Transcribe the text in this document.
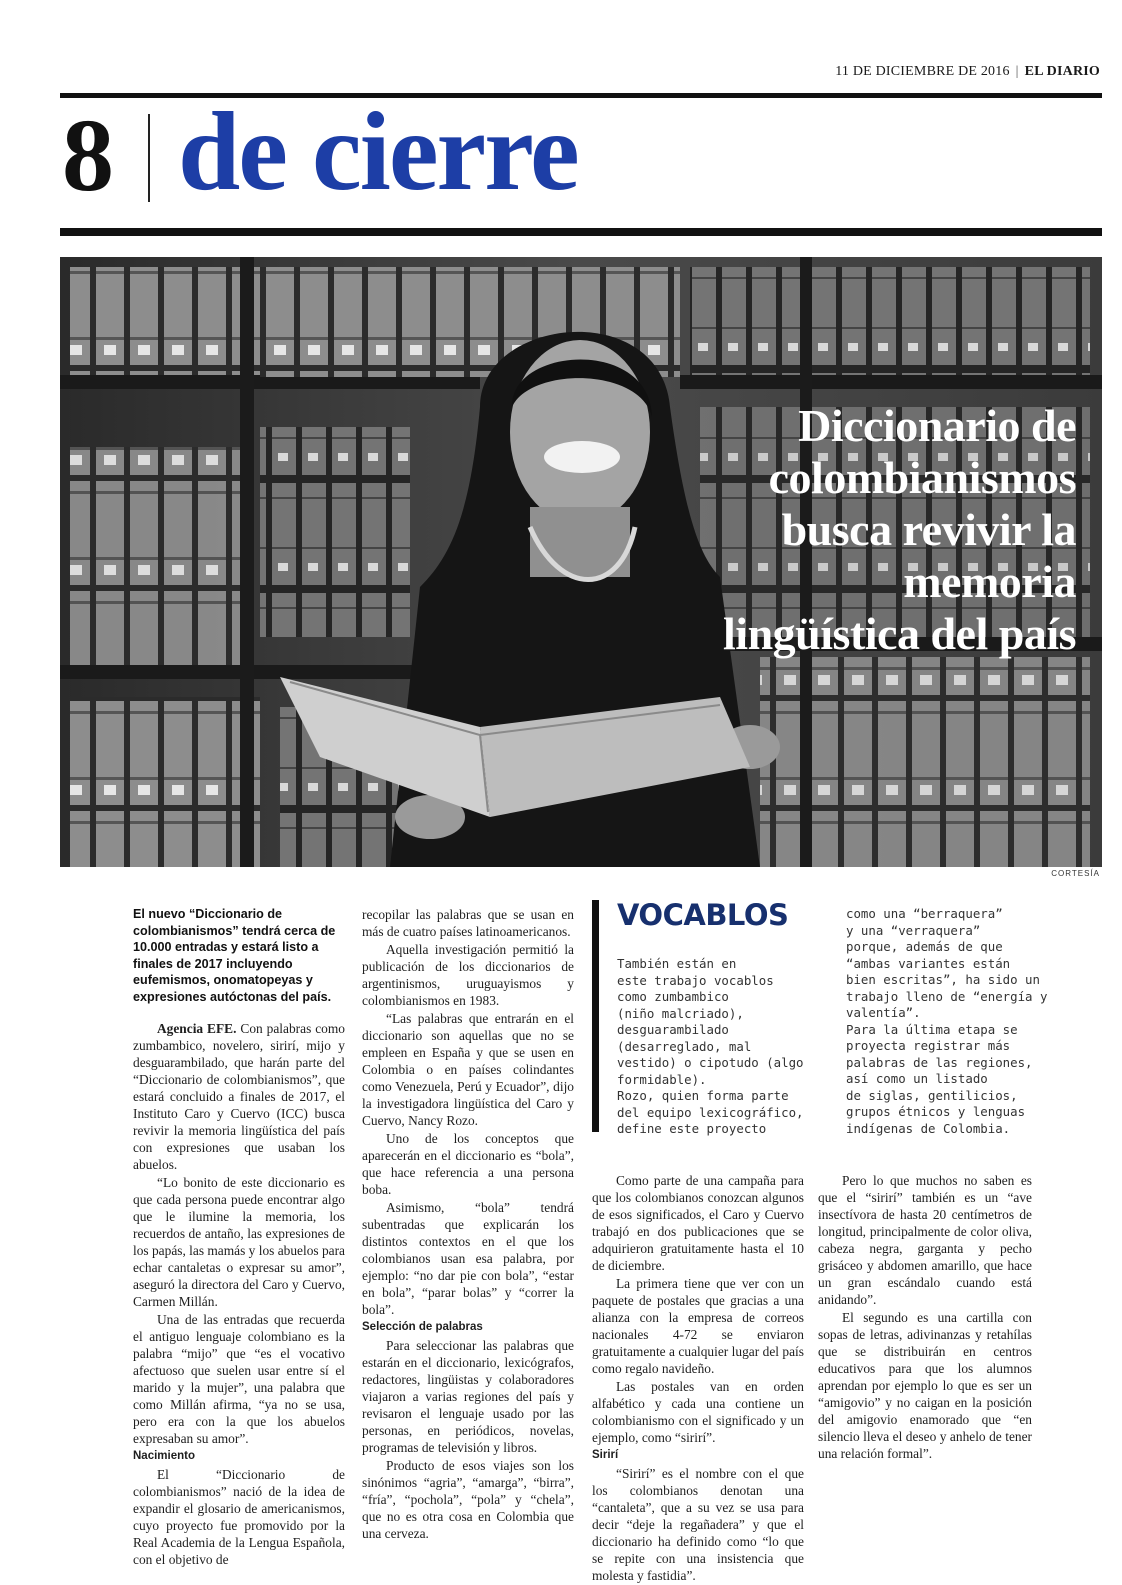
11 DE DICIEMBRE DE 2016 | EL DIARIO
8 de cierre
Diccionario de colombianismos busca revivir la memoria lingüística del país
CORTESÍA
El nuevo “Diccionario de colombianismos” tendrá cerca de 10.000 entradas y estará listo a finales de 2017 incluyendo eufemismos, onomatopeyas y expresiones autóctonas del país.

Agencia EFE. Con palabras como zumbambico, novelero, sirirí, mijo y desguarambilado, que harán parte del “Diccionario de colombianismos”, que estará concluido a finales de 2017, el Instituto Caro y Cuervo (ICC) busca revivir la memoria lingüística del país con expresiones que usaban los abuelos.

“Lo bonito de este diccionario es que cada persona puede encontrar algo que le ilumine la memoria, los recuerdos de antaño, las expresiones de los papás, las mamás y los abuelos para echar cantaletas o expresar su amor”, aseguró la directora del Caro y Cuervo, Carmen Millán.

Una de las entradas que recuerda el antiguo lenguaje colombiano es la palabra “mijo” que “es el vocativo afectuoso que suelen usar entre sí el marido y la mujer”, una palabra que como Millán afirma, “ya no se usa, pero era con la que los abuelos expresaban su amor”.

Nacimiento

El “Diccionario de colombianismos” nació de la idea de expandir el glosario de americanismos, cuyo proyecto fue promovido por la Real Academia de la Lengua Española, con el objetivo de

recopilar las palabras que se usan en más de cuatro países latinoamericanos.

Aquella investigación permitió la publicación de los diccionarios de argentinismos, uruguayismos y colombianismos en 1983.

“Las palabras que entrarán en el diccionario son aquellas que no se empleen en España y que se usen en Colombia o en países colindantes como Venezuela, Perú y Ecuador”, dijo la investigadora lingüística del Caro y Cuervo, Nancy Rozo.

Uno de los conceptos que aparecerán en el diccionario es “bola”, que hace referencia a una persona boba.

Asimismo, “bola” tendrá subentradas que explicarán los distintos contextos en el que los colombianos usan esa palabra, por ejemplo: “no dar pie con bola”, “estar en bola”, “parar bolas” y “correr la bola”.

Selección de palabras

Para seleccionar las palabras que estarán en el diccionario, lexicógrafos, redactores, lingüistas y colaboradores viajaron a varias regiones del país y revisaron el lenguaje usado por las personas, en periódicos, novelas, programas de televisión y libros.

Producto de esos viajes son los sinónimos “agria”, “amarga”, “birra”, “fría”, “pochola”, “pola” y “chela”, que no es otra cosa en Colombia que una cerveza.

VOCABLOS
También están en
este trabajo vocablos
como zumbambico
(niño malcriado),
desguarambilado
(desarreglado, mal
vestido) o cipotudo (algo
formidable).
Rozo, quien forma parte
del equipo lexicográfico,
define este proyecto
como una “berraquera”
y una “verraquera”
porque, además de que
“ambas variantes están
bien escritas”, ha sido un
trabajo lleno de “energía y
valentía”.
Para la última etapa se
proyecta registrar más
palabras de las regiones,
así como un listado
de siglas, gentilicios,
grupos étnicos y lenguas
indígenas de Colombia.

Como parte de una campaña para que los colombianos conozcan algunos de esos significados, el Caro y Cuervo trabajó en dos publicaciones que se adquirieron gratuitamente hasta el 10 de diciembre.

La primera tiene que ver con un paquete de postales que gracias a una alianza con la empresa de correos nacionales 4-72 se enviaron gratuitamente a cualquier lugar del país como regalo navideño.

Las postales van en orden alfabético y cada una contiene un colombianismo con el significado y un ejemplo, como “sirirí”.

Sirirí

“Sirirí” es el nombre con el que los colombianos denotan una “cantaleta”, que a su vez se usa para decir “deje la regañadera” y que el diccionario ha definido como “lo que se repite con una insistencia que molesta y fastidia”.

Pero lo que muchos no saben es que el “sirirí” también es un “ave insectívora de hasta 20 centímetros de longitud, principalmente de color oliva, cabeza negra, garganta y pecho grisáceo y abdomen amarillo, que hace un gran escándalo cuando está anidando”.

El segundo es una cartilla con sopas de letras, adivinanzas y retahílas que se distribuirán en centros educativos para que los alumnos aprendan por ejemplo lo que es ser un “amigovio” y no caigan en la posición del amigovio enamorado que “en silencio lleva el deseo y anhelo de tener una relación formal”.
